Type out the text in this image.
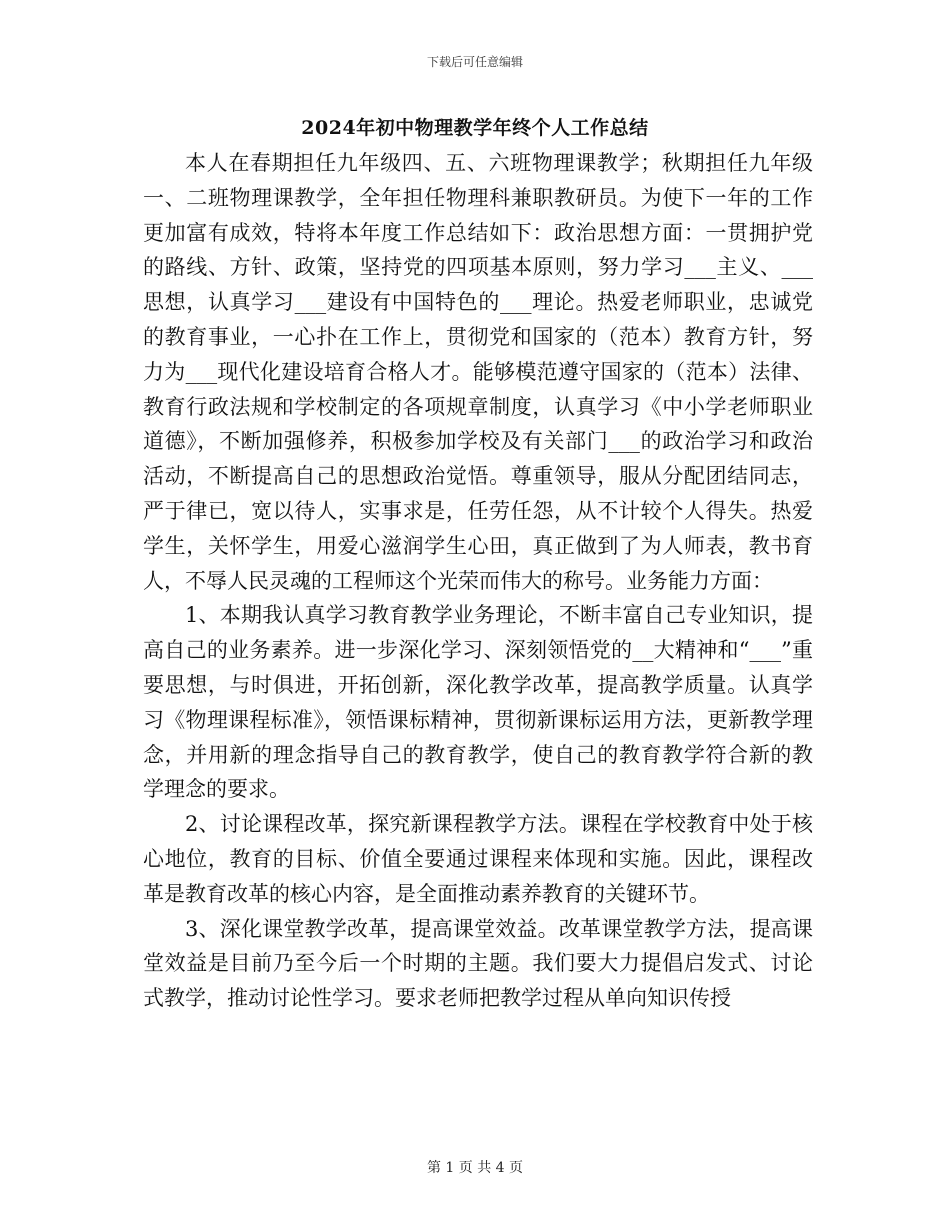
下载后可任意编辑
2024年初中物理教学年终个人工作总结

本人在春期担任九年级四、五、六班物理课教学；秋期担任九年级一、二班物理课教学，全年担任物理科兼职教研员。为使下一年的工作更加富有成效，特将本年度工作总结如下：政治思想方面：一贯拥护党的路线、方针、政策，坚持党的四项基本原则，努力学习___主义、___思想，认真学习___建设有中国特色的___理论。热爱老师职业，忠诚党的教育事业，一心扑在工作上，贯彻党和国家的（范本）教育方针，努力为___现代化建设培育合格人才。能够模范遵守国家的（范本）法律、教育行政法规和学校制定的各项规章制度，认真学习《中小学老师职业道德》，不断加强修养，积极参加学校及有关部门___的政治学习和政治活动，不断提高自己的思想政治觉悟。尊重领导，服从分配团结同志，严于律已，宽以待人，实事求是，任劳任怨，从不计较个人得失。热爱学生，关怀学生，用爱心滋润学生心田，真正做到了为人师表，教书育人，不辱人民灵魂的工程师这个光荣而伟大的称号。业务能力方面：

1、本期我认真学习教育教学业务理论，不断丰富自己专业知识，提高自己的业务素养。进一步深化学习、深刻领悟党的__大精神和“___”重要思想，与时俱进，开拓创新，深化教学改革，提高教学质量。认真学习《物理课程标准》，领悟课标精神，贯彻新课标运用方法，更新教学理念，并用新的理念指导自己的教育教学，使自己的教育教学符合新的教学理念的要求。

2、讨论课程改革，探究新课程教学方法。课程在学校教育中处于核心地位，教育的目标、价值全要通过课程来体现和实施。因此，课程改革是教育改革的核心内容，是全面推动素养教育的关键环节。

3、深化课堂教学改革，提高课堂效益。改革课堂教学方法，提高课堂效益是目前乃至今后一个时期的主题。我们要大力提倡启发式、讨论式教学，推动讨论性学习。要求老师把教学过程从单向知识传授

第 1 页 共 4 页
